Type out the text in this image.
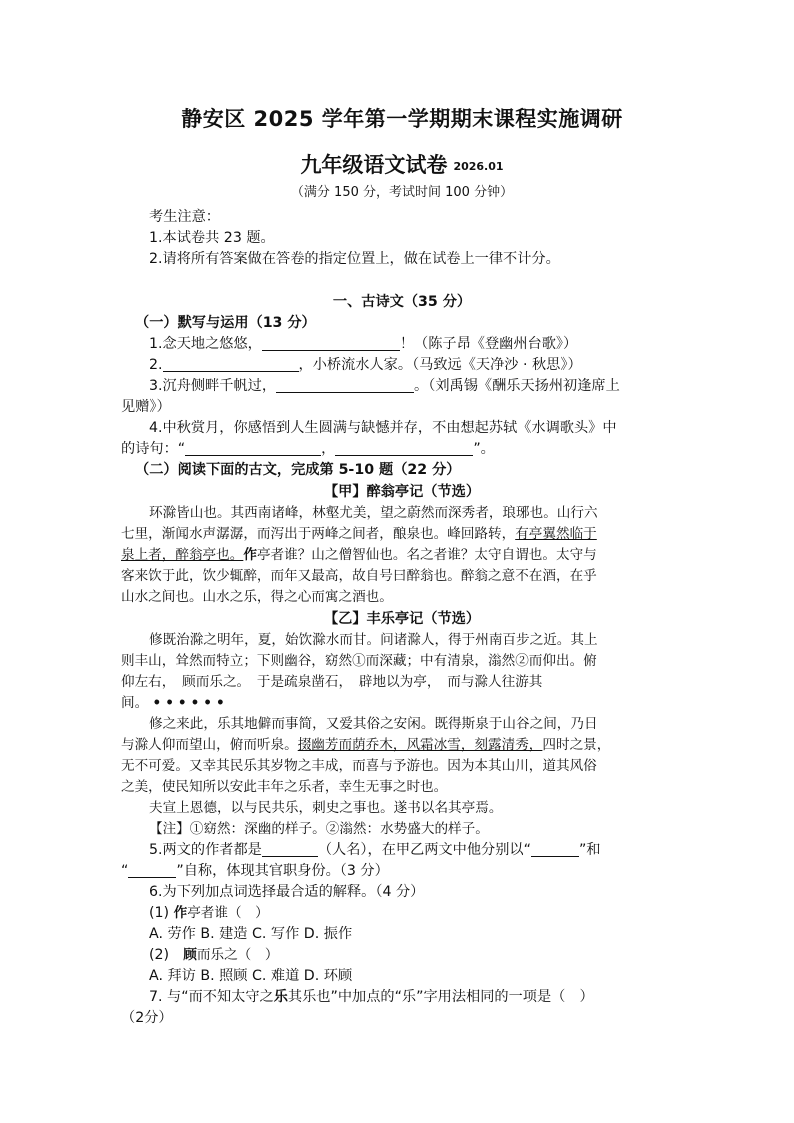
静安区 2025 学年第一学期期末课程实施调研
九年级语文试卷 2026.01
（满分 150 分，考试时间 100 分钟）
考生注意：
1.本试卷共 23 题。
2.请将所有答案做在答卷的指定位置上，做在试卷上一律不计分。
一、古诗文（35 分）
（一）默写与运用（13 分）
1.念天地之悠悠，	！（陈子昂《登幽州台歌》）
2.	，小桥流水人家。（马致远《天净沙 · 秋思》）
3.沉舟侧畔千帆过，	。（刘禹锡《酬乐天扬州初逢席上
见赠》）
4.中秋赏月，你感悟到人生圆满与缺憾并存，不由想起苏轼《水调歌头》中
的诗句：“	，	”。
（二）阅读下面的古文，完成第 5-10 题（22 分）
【甲】醉翁亭记（节选）
环滁皆山也。其西南诸峰，林壑尤美，望之蔚然而深秀者，琅琊也。山行六
七里，渐闻水声潺潺，而泻出于两峰之间者，酿泉也。峰回路转，有亭翼然临于
泉上者，醉翁亭也。作亭者谁？山之僧智仙也。名之者谁？太守自谓也。太守与
客来饮于此，饮少辄醉，而年又最高，故自号曰醉翁也。醉翁之意不在酒，在乎
山水之间也。山水之乐，得之心而寓之酒也。
【乙】丰乐亭记（节选）
修既治滁之明年，夏，始饮滁水而甘。问诸滁人，得于州南百步之近。其上
则丰山，耸然而特立；下则幽谷，窈然①而深藏；中有清泉，滃然②而仰出。俯
仰左右，　顾而乐之。　于是疏泉凿石，　辟地以为亭，　而与滁人往游其
间。 ••••••
修之来此，乐其地僻而事简，又爱其俗之安闲。既得斯泉于山谷之间，乃日
与滁人仰而望山，俯而听泉。掇幽芳而荫乔木，风霜冰雪，刻露清秀，四时之景，
无不可爱。又幸其民乐其岁物之丰成，而喜与予游也。因为本其山川，道其风俗
之美，使民知所以安此丰年之乐者，幸生无事之时也。
夫宣上恩德，以与民共乐，刺史之事也。遂书以名其亭焉。
【注】①窈然：深幽的样子。②滃然：水势盛大的样子。
5.两文的作者都是	（人名），在甲乙两文中他分别以“	”和
“	”自称，体现其官职身份。（3 分）
6.为下列加点词选择最合适的解释。（4 分）
(1) 作亭者谁（　）
A. 劳作 B. 建造 C. 写作 D. 振作
(2)　顾而乐之（　）
A. 拜访 B. 照顾 C. 难道 D. 环顾
7. 与“而不知太守之乐其乐也”中加点的“乐”字用法相同的一项是（　）
（2分）
